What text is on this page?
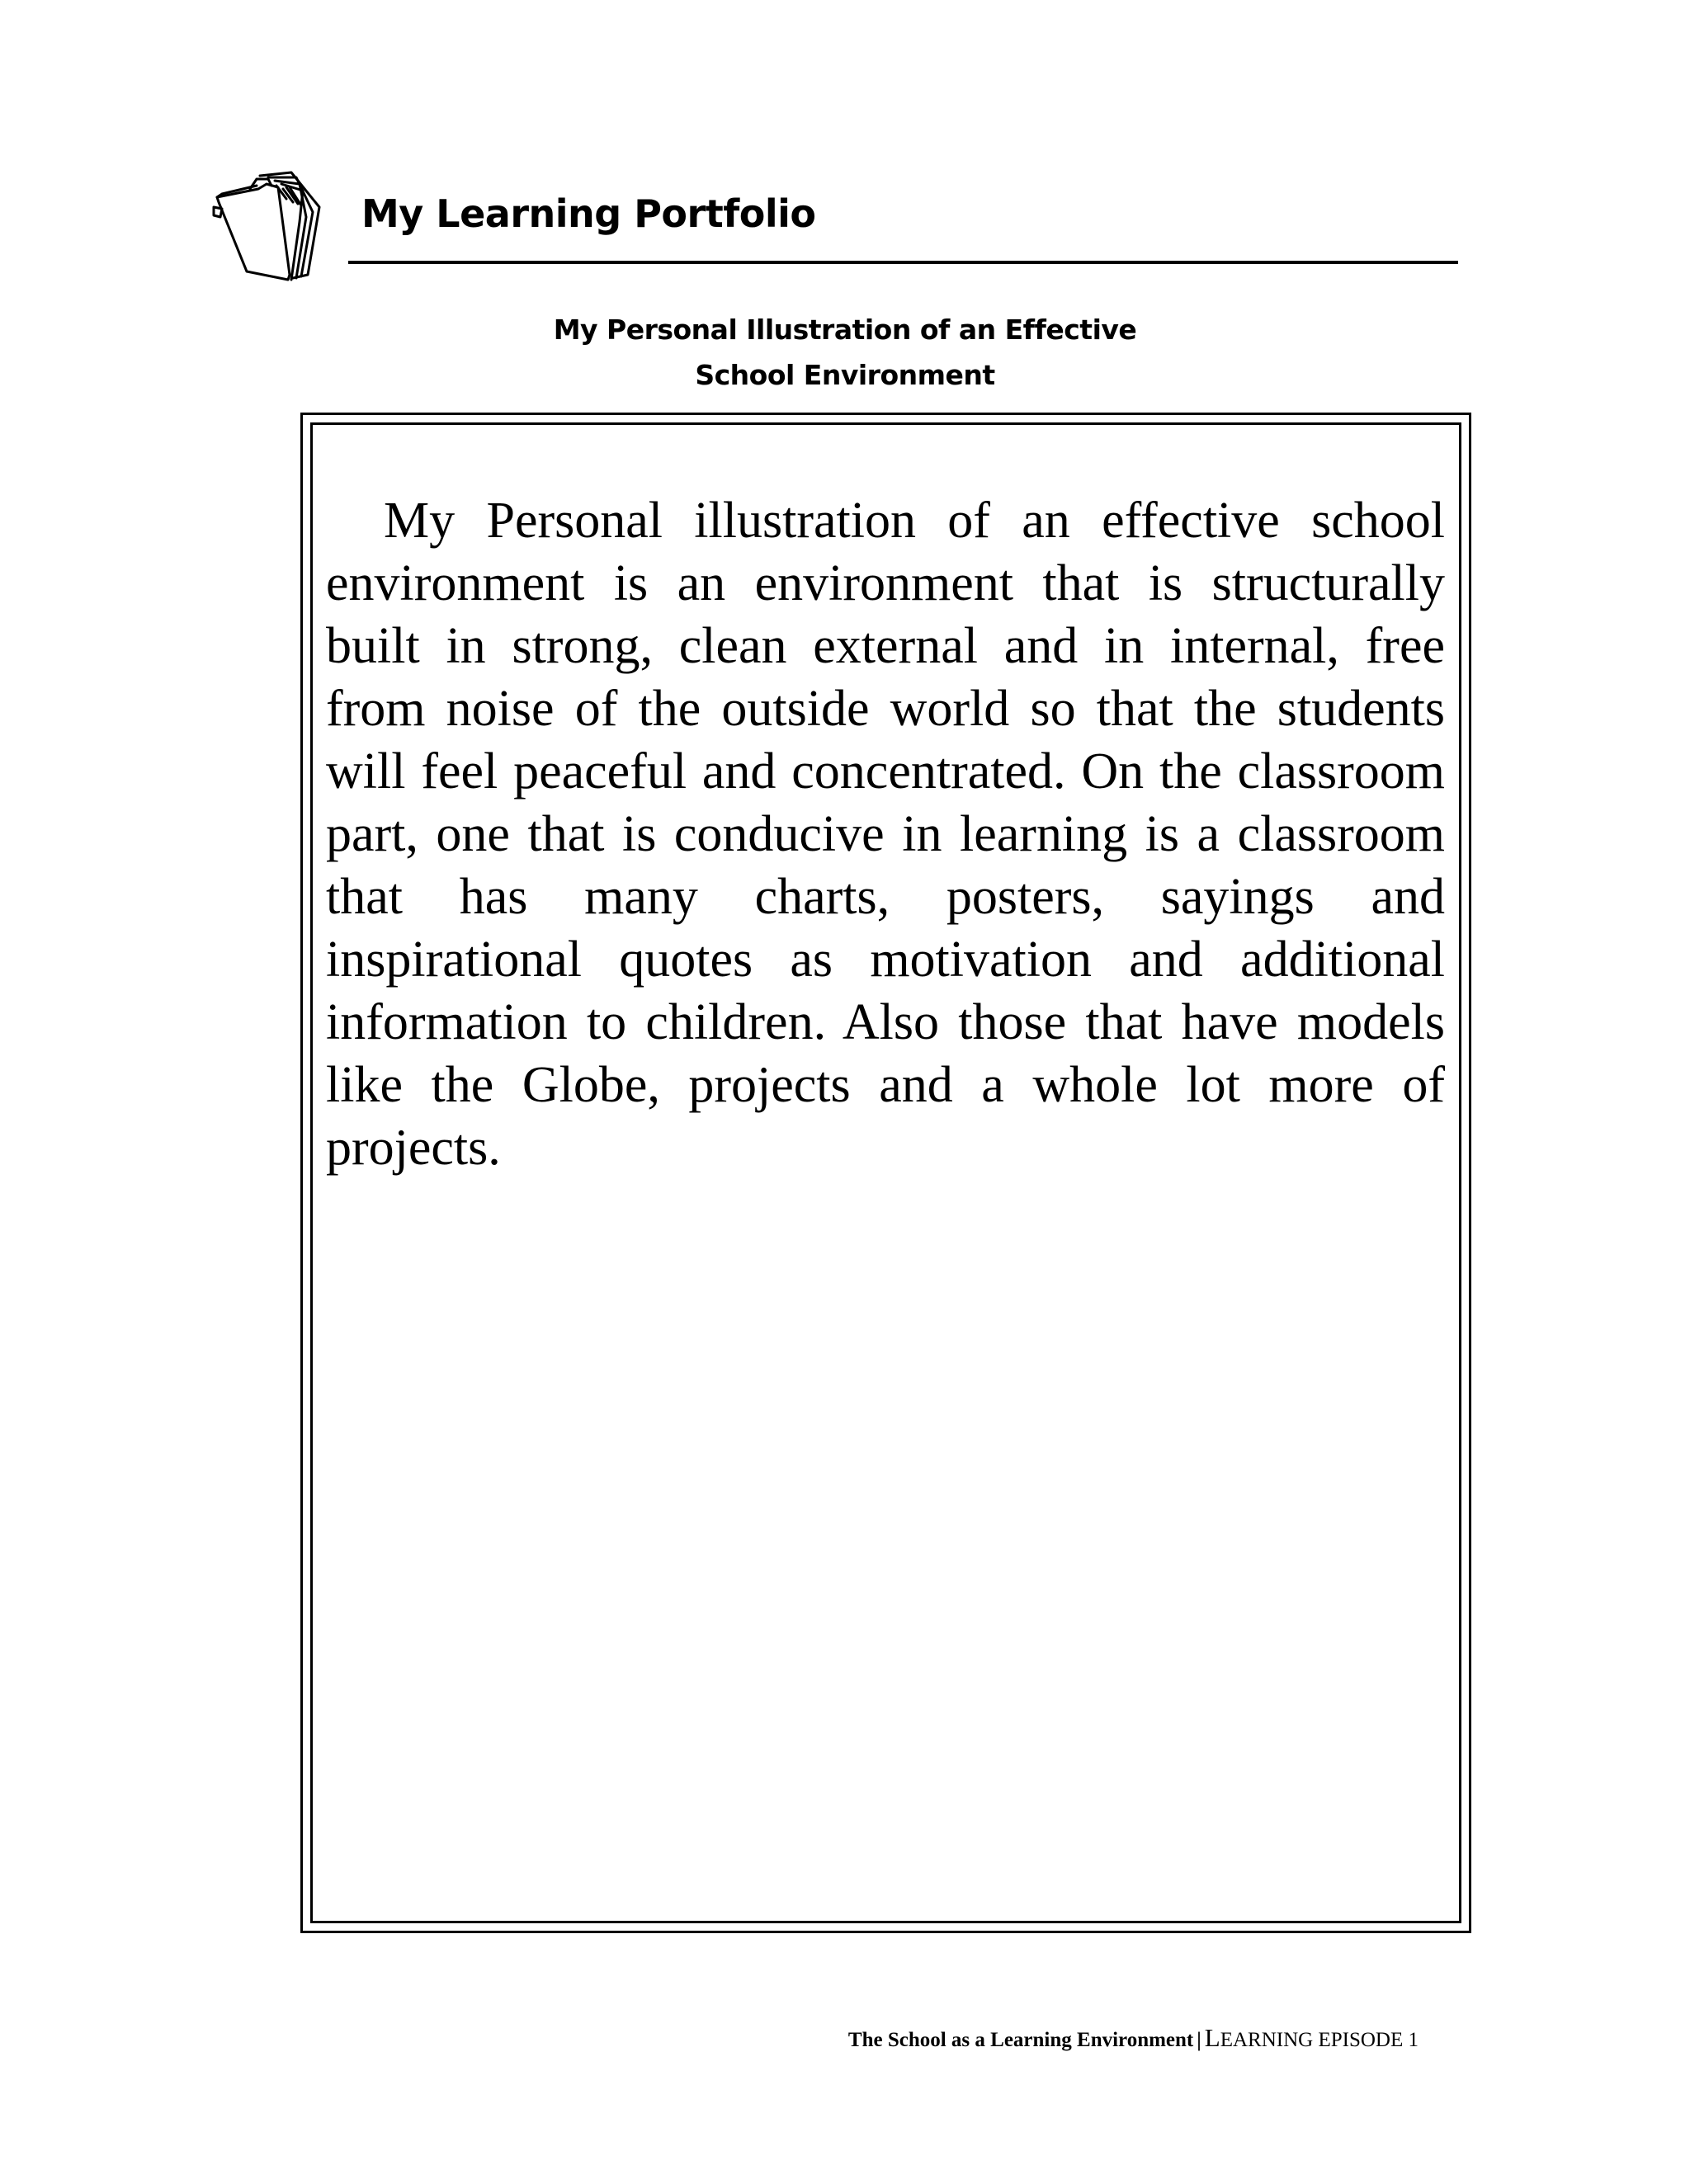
My Learning Portfolio
My Personal Illustration of an Effective
School Environment

My Personal illustration of an effective school environment is an environment that is structurally built in strong, clean external and in internal, free from noise of the outside world so that the students will feel peaceful and concentrated. On the classroom part, one that is conducive in learning is a classroom that has many charts, posters, sayings and inspirational quotes as motivation and additional information to children. Also those that have models like the Globe, projects and a whole lot more of projects.

The School as a Learning Environment | LEARNING EPISODE 1
